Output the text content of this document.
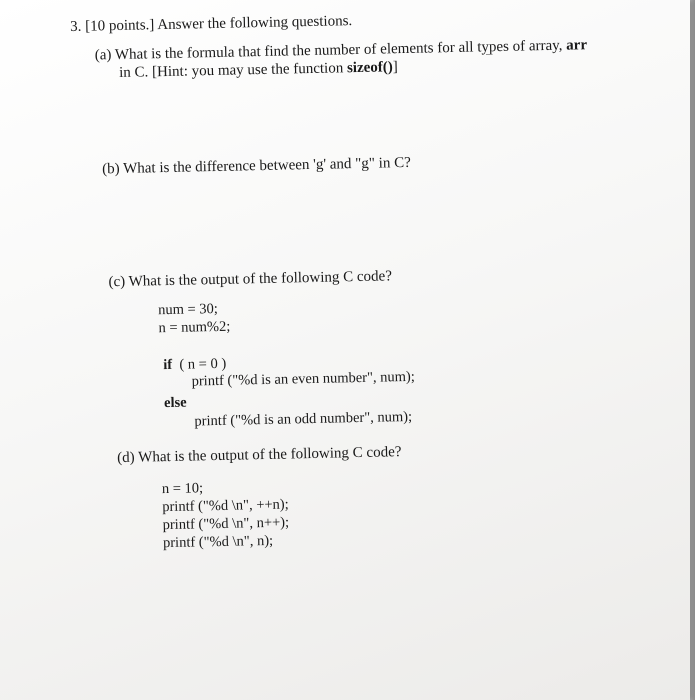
3. [10 points.] Answer the following questions.
(a) What is the formula that find the number of elements for all types of array, arr
in C. [Hint: you may use the function sizeof()]
(b) What is the difference between 'g' and "g" in C?
(c) What is the output of the following C code?
num = 30;
n = num%2;
if ( n = 0 )
printf ("%d is an even number", num);
else
printf ("%d is an odd number", num);
(d) What is the output of the following C code?
n = 10;
printf ("%d \n", ++n);
printf ("%d \n", n++);
printf ("%d \n", n);
